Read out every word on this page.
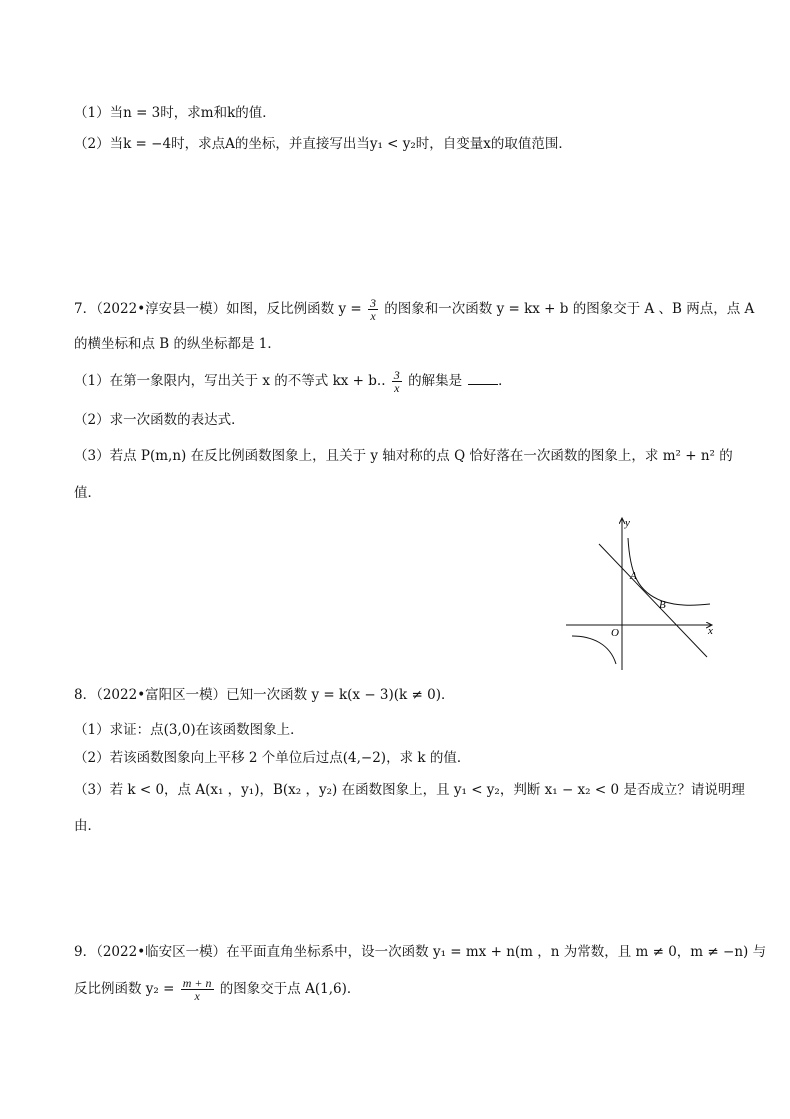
（1）当n = 3时，求m和k的值．
（2）当k = −4时，求点A的坐标，并直接写出当y₁ < y₂时，自变量x的取值范围．
7．（2022•淳安县一模）如图，反比例函数 $y = \frac{3}{x}$ 的图象和一次函数 y = kx + b 的图象交于 A 、B 两点，点 A
的横坐标和点 B 的纵坐标都是 1．
（1）在第一象限内，写出关于 x 的不等式 kx + b.. $\frac{3}{x}$ 的解集是	．
（2）求一次函数的表达式．
（3）若点 P(m,n) 在反比例函数图象上，且关于 y 轴对称的点 Q 恰好落在一次函数的图象上，求 m² + n² 的
值．
x
y
O
A
B
8．（2022•富阳区一模）已知一次函数 y = k(x − 3)(k ≠ 0)．
（1）求证：点(3,0)在该函数图象上．
（2）若该函数图象向上平移 2 个单位后过点(4,−2)，求 k 的值．
（3）若 k < 0，点 A(x₁ ，y₁)，B(x₂ ，y₂) 在函数图象上，且 y₁ < y₂，判断 x₁ − x₂ < 0 是否成立？请说明理
由．
9．（2022•临安区一模）在平面直角坐标系中，设一次函数 y₁ = mx + n(m ，n 为常数，且 m ≠ 0，m ≠ −n) 与
反比例函数 $y_2 = \frac{m + n}{x}$ 的图象交于点 A(1,6)．
